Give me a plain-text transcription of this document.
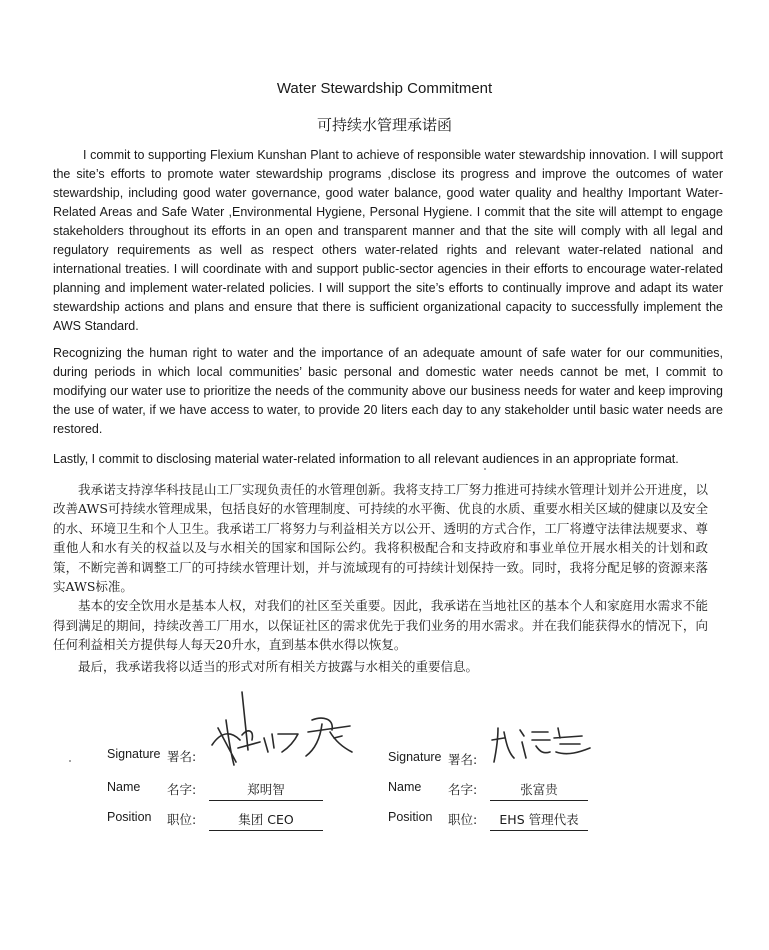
Water Stewardship Commitment
可持续水管理承诺函

I commit to supporting Flexium Kunshan Plant to achieve of responsible water stewardship innovation. I will support the site’s efforts to promote water stewardship programs ,disclose its progress and improve the outcomes of water stewardship, including good water governance, good water balance, good water quality and healthy Important Water-Related Areas and Safe Water ,Environmental Hygiene, Personal Hygiene. I commit that the site will attempt to engage stakeholders throughout its efforts in an open and transparent manner and that the site will comply with all legal and regulatory requirements as well as respect others water-related rights and relevant water-related national and international treaties. I will coordinate with and support public-sector agencies in their efforts to encourage water-related planning and implement water-related policies. I will support the site’s efforts to continually improve and adapt its water stewardship actions and plans and ensure that there is sufficient organizational capacity to successfully implement the AWS Standard.

Recognizing the human right to water and the importance of an adequate amount of safe water for our communities, during periods in which local communities’ basic personal and domestic water needs cannot be met, I commit to modifying our water use to prioritize the needs of the community above our business needs for water and keep improving the use of water, if we have access to water, to provide 20 liters each day to any stakeholder until basic water needs are restored.

Lastly, I commit to disclosing material water-related information to all relevant audiences in an appropriate format.

我承诺支持淳华科技昆山工厂实现负责任的水管理创新。我将支持工厂努力推进可持续水管理计划并公开进度，以改善AWS可持续水管理成果，包括良好的水管理制度、可持续的水平衡、优良的水质、重要水相关区域的健康以及安全的水、环境卫生和个人卫生。我承诺工厂将努力与利益相关方以公开、透明的方式合作，工厂将遵守法律法规要求、尊重他人和水有关的权益以及与水相关的国家和国际公约。我将积极配合和支持政府和事业单位开展水相关的计划和政策，不断完善和调整工厂的可持续水管理计划，并与流域现有的可持续计划保持一致。同时，我将分配足够的资源来落实AWS标准。

基本的安全饮用水是基本人权，对我们的社区至关重要。因此，我承诺在当地社区的基本个人和家庭用水需求不能得到满足的期间，持续改善工厂用水，以保证社区的需求优先于我们业务的用水需求。并在我们能获得水的情况下，向任何利益相关方提供每人每天20升水，直到基本供水得以恢复。

最后，我承诺我将以适当的形式对所有相关方披露与水相关的重要信息。

Signature 署名:
Name 名字:	郑明智
Position 职位:	集团 CEO
Signature 署名:
Name 名字:	张富贵
Position 职位:	EHS 管理代表
